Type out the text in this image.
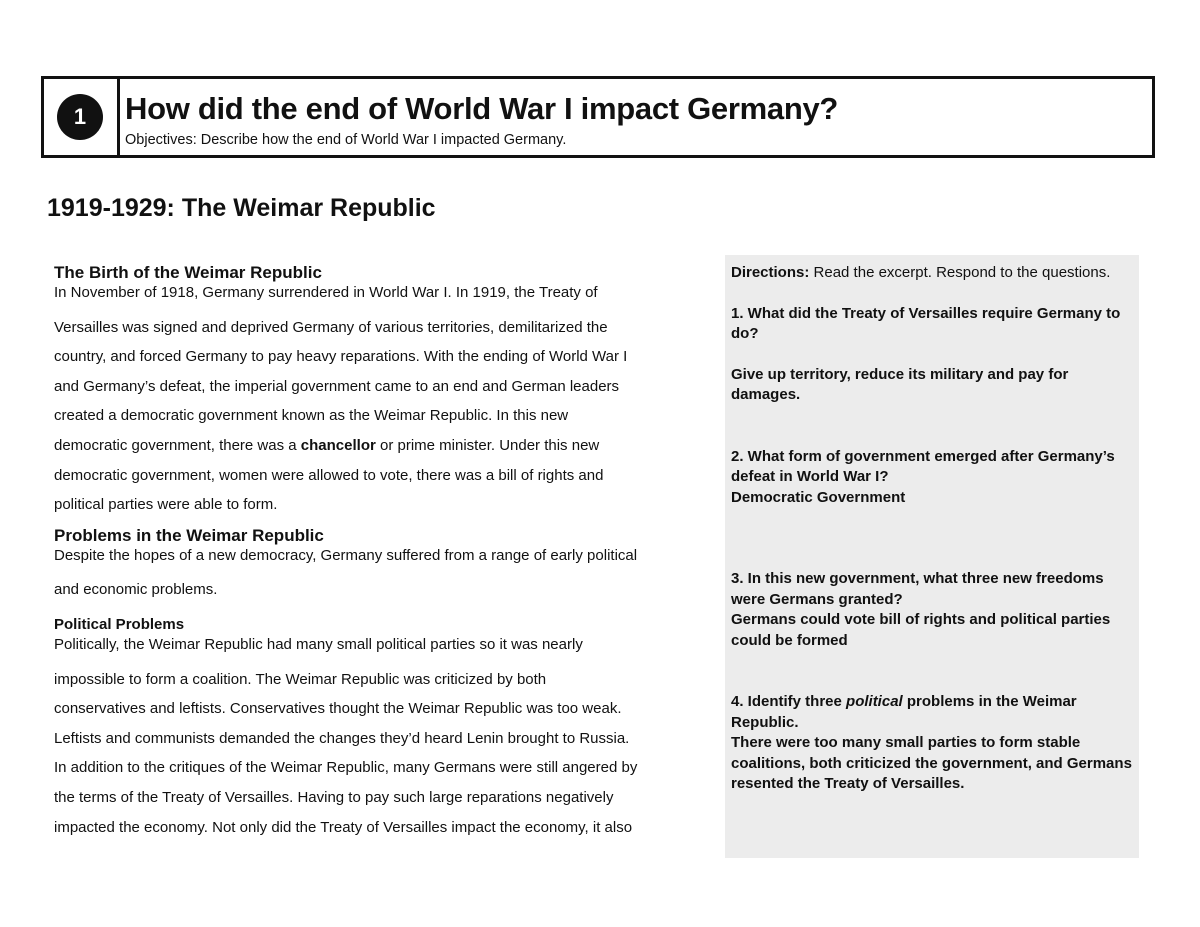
1	How did the end of World War I impact Germany?
Objectives: Describe how the end of World War I impacted Germany.
1919-1929: The Weimar Republic
The Birth of the Weimar Republic

In November of 1918, Germany surrendered in World War I. In 1919, the Treaty of

Versailles was signed and deprived Germany of various territories, demilitarized the

country, and forced Germany to pay heavy reparations. With the ending of World War I

and Germany’s defeat, the imperial government came to an end and German leaders

created a democratic government known as the Weimar Republic. In this new

democratic government, there was a chancellor or prime minister. Under this new

democratic government, women were allowed to vote, there was a bill of rights and

political parties were able to form.

Problems in the Weimar Republic

Despite the hopes of a new democracy, Germany suffered from a range of early political

and economic problems.

Political Problems

Politically, the Weimar Republic had many small political parties so it was nearly

impossible to form a coalition. The Weimar Republic was criticized by both

conservatives and leftists. Conservatives thought the Weimar Republic was too weak.

Leftists and communists demanded the changes they’d heard Lenin brought to Russia.

In addition to the critiques of the Weimar Republic, many Germans were still angered by

the terms of the Treaty of Versailles. Having to pay such large reparations negatively

impacted the economy. Not only did the Treaty of Versailles impact the economy, it also

Directions: Read the excerpt. Respond to the questions.

1. What did the Treaty of Versailles require Germany to do?

Give up territory, reduce its military and pay for damages.

2. What form of government emerged after Germany’s defeat in World War I?

Democratic Government

3. In this new government, what three new freedoms were Germans granted?

Germans could vote bill of rights and political parties could be formed

4. Identify three political problems in the Weimar Republic.

There were too many small parties to form stable coalitions, both criticized the government, and Germans resented the Treaty of Versailles.
